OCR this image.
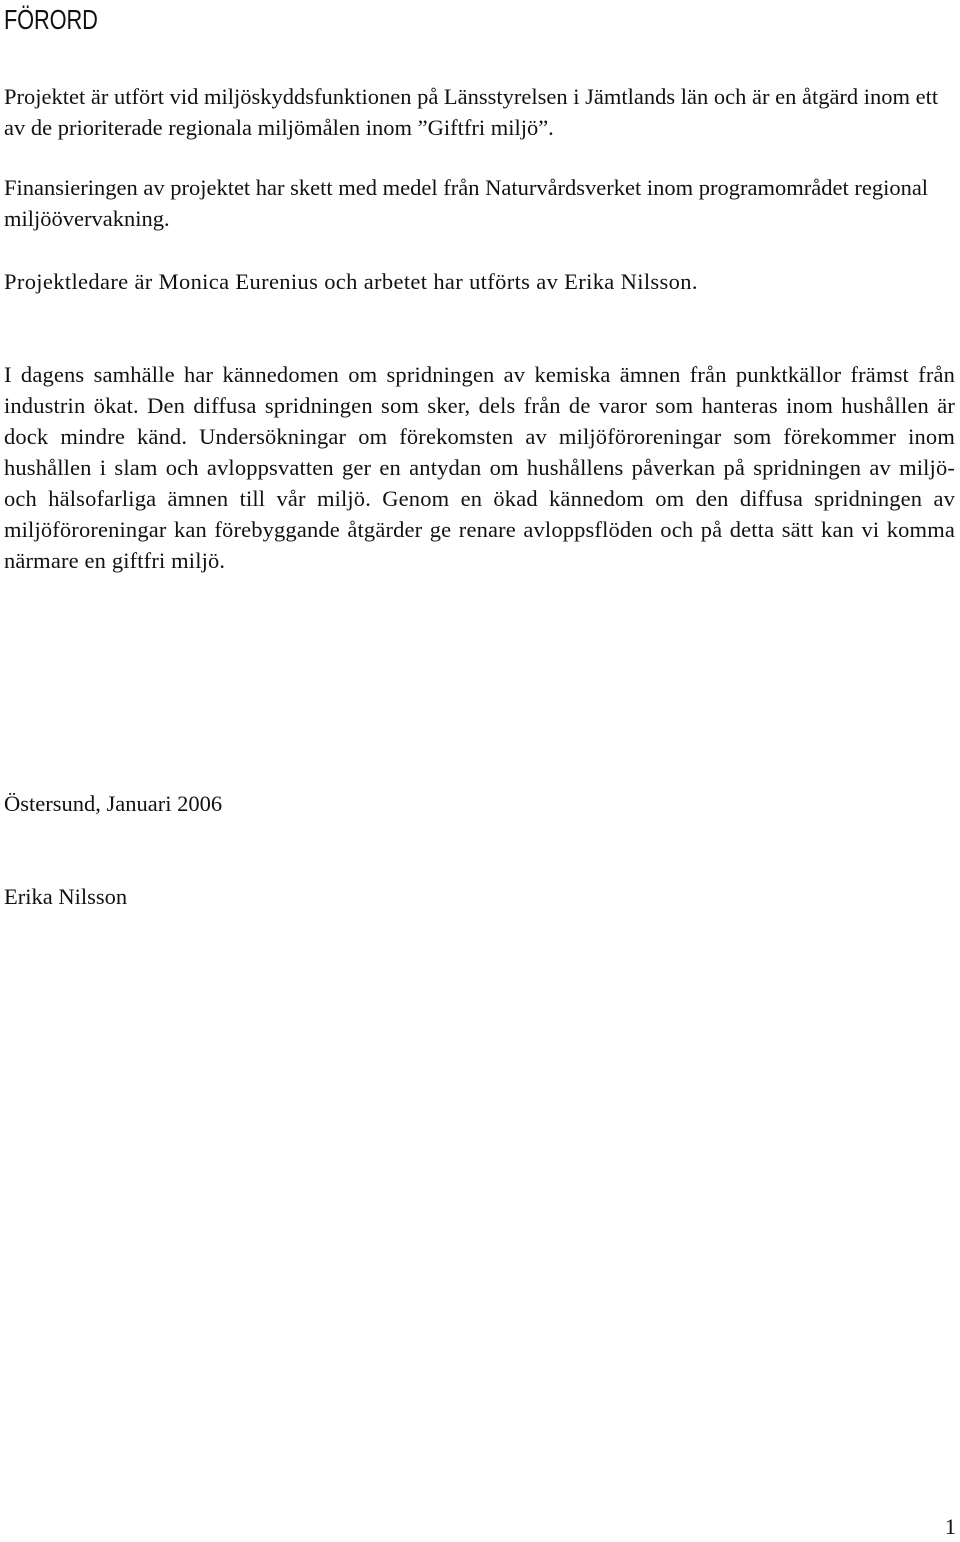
FÖRORD

Projektet är utfört vid miljöskyddsfunktionen på Länsstyrelsen i Jämtlands län och är en åtgärd inom ett av de prioriterade regionala miljömålen inom ”Giftfri miljö”.

Finansieringen av projektet har skett med medel från Naturvårdsverket inom programområdet regional miljöövervakning.

Projektledare är Monica Eurenius och arbetet har utförts av Erika Nilsson.

I dagens samhälle har kännedomen om spridningen av kemiska ämnen från punktkällor främst från industrin ökat. Den diffusa spridningen som sker, dels från de varor som hanteras inom hushållen är dock mindre känd. Undersökningar om förekomsten av miljöföroreningar som förekommer inom hushållen i slam och avloppsvatten ger en antydan om hushållens påverkan på spridningen av miljö- och hälsofarliga ämnen till vår miljö. Genom en ökad kännedom om den diffusa spridningen av miljöföroreningar kan förebyggande åtgärder ge renare avloppsflöden och på detta sätt kan vi komma närmare en giftfri miljö.

Östersund, Januari 2006

Erika Nilsson

1
